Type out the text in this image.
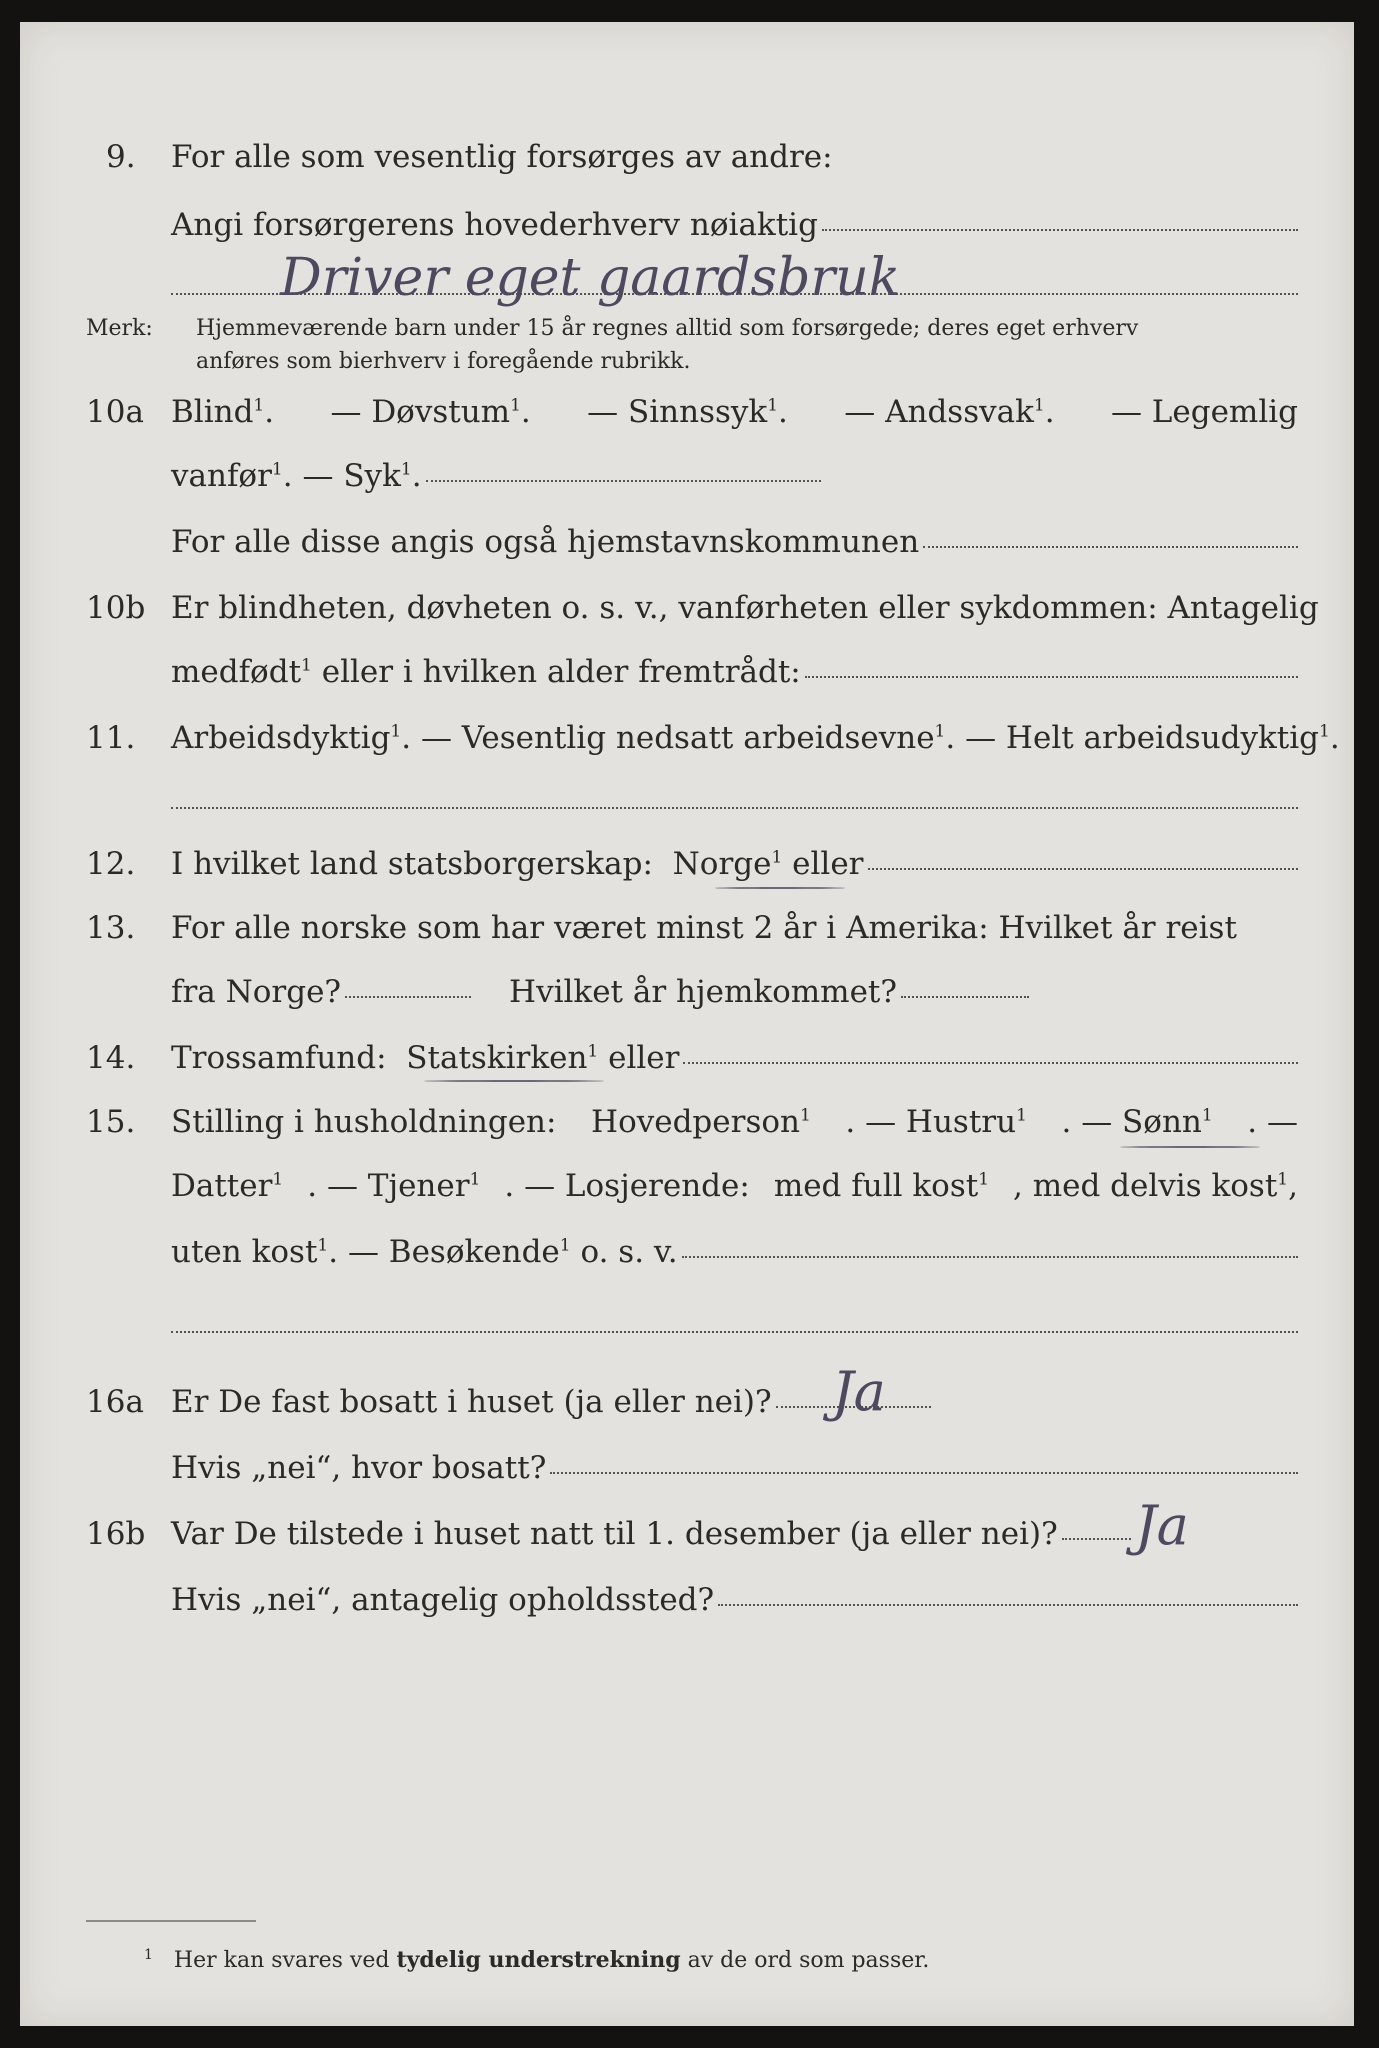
9.	For alle som vesentlig forsørges av andre:
Angi forsørgerens hovederhverv nøiaktig
Driver eget gaardsbruk
Merk: Hjemmeværende barn under 15 år regnes alltid som forsørgede; deres eget erhverv
anføres som bierhverv i foregående rubrikk.
10a Blind$^1$. — Døvstum$^1$. — Sinnssyk$^1$. — Andssvak$^1$. — Legemlig
vanfør$^1$. — Syk$^1$.
For alle disse angis også hjemstavnskommunen
10b Er blindheten, døvheten o. s. v., vanførheten eller sykdommen: Antagelig
medfødt$^1$ eller i hvilken alder fremtrådt:
11.	Arbeidsdyktig$^1$ . — Vesentlig nedsatt arbeidsevne$^1$ . — Helt arbeidsudyktig$^1$.
12.	I hvilket land statsborgerskap:
Norge$^1$
eller
13.	For alle norske som har været minst 2 år i Amerika: Hvilket år reist
fra Norge?	Hvilket år hjemkommet?
14.	Trossamfund:
Statskirken$^1$
eller
15.	Stilling i husholdningen: Hovedperson$^1$ . — Hustru$^1$ . — Sønn$^1$ . —
Datter$^1$ . — Tjener$^1$ . — Losjerende: med full kost$^1$ , med delvis kost$^1$,
uten kost$^1$ . — Besøkende$^1$ o. s. v.
16a Er De fast bosatt i huset (ja eller nei)? Ja
Hvis „nei“, hvor bosatt?
16b Var De tilstede i huset natt til 1. desember (ja eller nei)? Ja
Hvis „nei“, antagelig opholdssted?
$^1$ Her kan svares ved tydelig understrekning av de ord som passer.
